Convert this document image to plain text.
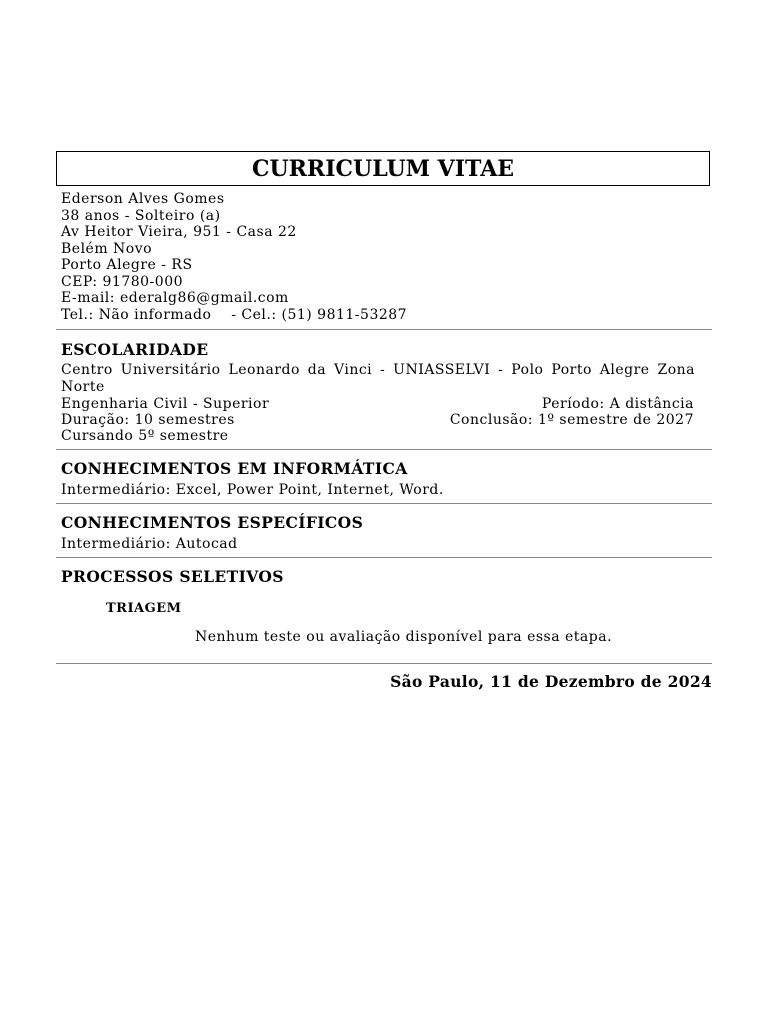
CURRICULUM VITAE
Ederson Alves Gomes
38 anos - Solteiro (a)
Av Heitor Vieira, 951 - Casa 22
Belém Novo
Porto Alegre - RS
CEP: 91780-000
E-mail: ederalg86@gmail.com
Tel.: Não informado    - Cel.: (51) 9811-53287
ESCOLARIDADE
Centro Universitário Leonardo da Vinci - UNIASSELVI - Polo Porto Alegre Zona Norte
Engenharia Civil - Superior	Período: A distância
Duração: 10 semestres	Conclusão: 1º semestre de 2027
Cursando 5º semestre
CONHECIMENTOS EM INFORMÁTICA
Intermediário: Excel, Power Point, Internet, Word.
CONHECIMENTOS ESPECÍFICOS
Intermediário: Autocad
PROCESSOS SELETIVOS
TRIAGEM
Nenhum teste ou avaliação disponível para essa etapa.
São Paulo, 11 de Dezembro de 2024
